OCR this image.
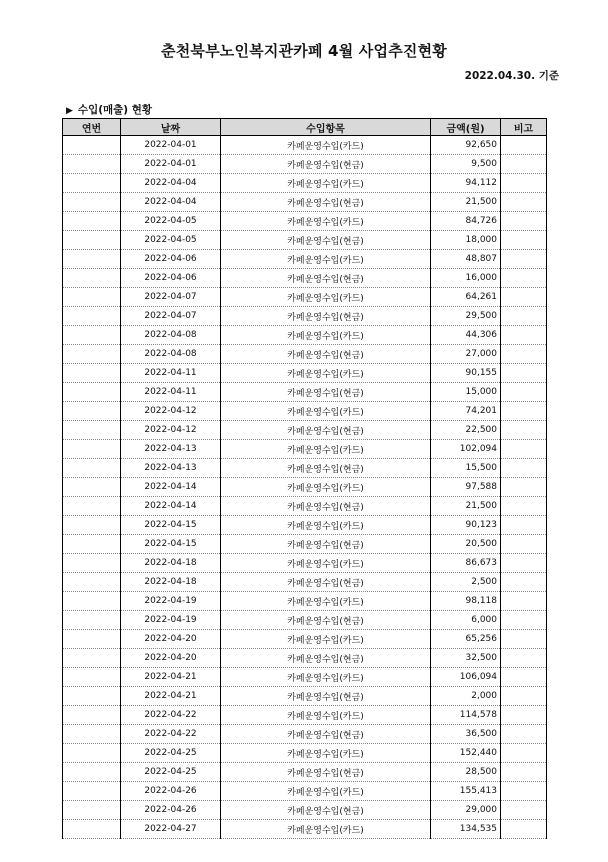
춘천북부노인복지관카페 4월 사업추진현황
2022.04.30. 기준
▶ 수입(매출) 현황
연번	날짜	수입항목	금액(원)	비고
	2022-04-01	카페운영수입(카드)	92,650	
	2022-04-01	카페운영수입(현금)	9,500	
	2022-04-04	카페운영수입(카드)	94,112	
	2022-04-04	카페운영수입(현금)	21,500	
	2022-04-05	카페운영수입(카드)	84,726	
	2022-04-05	카페운영수입(현금)	18,000	
	2022-04-06	카페운영수입(카드)	48,807	
	2022-04-06	카페운영수입(현금)	16,000	
	2022-04-07	카페운영수입(카드)	64,261	
	2022-04-07	카페운영수입(현금)	29,500	
	2022-04-08	카페운영수입(카드)	44,306	
	2022-04-08	카페운영수입(현금)	27,000	
	2022-04-11	카페운영수입(카드)	90,155	
	2022-04-11	카페운영수입(현금)	15,000	
	2022-04-12	카페운영수입(카드)	74,201	
	2022-04-12	카페운영수입(현금)	22,500	
	2022-04-13	카페운영수입(카드)	102,094	
	2022-04-13	카페운영수입(현금)	15,500	
	2022-04-14	카페운영수입(카드)	97,588	
	2022-04-14	카페운영수입(현금)	21,500	
	2022-04-15	카페운영수입(카드)	90,123	
	2022-04-15	카페운영수입(현금)	20,500	
	2022-04-18	카페운영수입(카드)	86,673	
	2022-04-18	카페운영수입(현금)	2,500	
	2022-04-19	카페운영수입(카드)	98,118	
	2022-04-19	카페운영수입(현금)	6,000	
	2022-04-20	카페운영수입(카드)	65,256	
	2022-04-20	카페운영수입(현금)	32,500	
	2022-04-21	카페운영수입(카드)	106,094	
	2022-04-21	카페운영수입(현금)	2,000	
	2022-04-22	카페운영수입(카드)	114,578	
	2022-04-22	카페운영수입(현금)	36,500	
	2022-04-25	카페운영수입(카드)	152,440	
	2022-04-25	카페운영수입(현금)	28,500	
	2022-04-26	카페운영수입(카드)	155,413	
	2022-04-26	카페운영수입(현금)	29,000	
	2022-04-27	카페운영수입(카드)	134,535	
